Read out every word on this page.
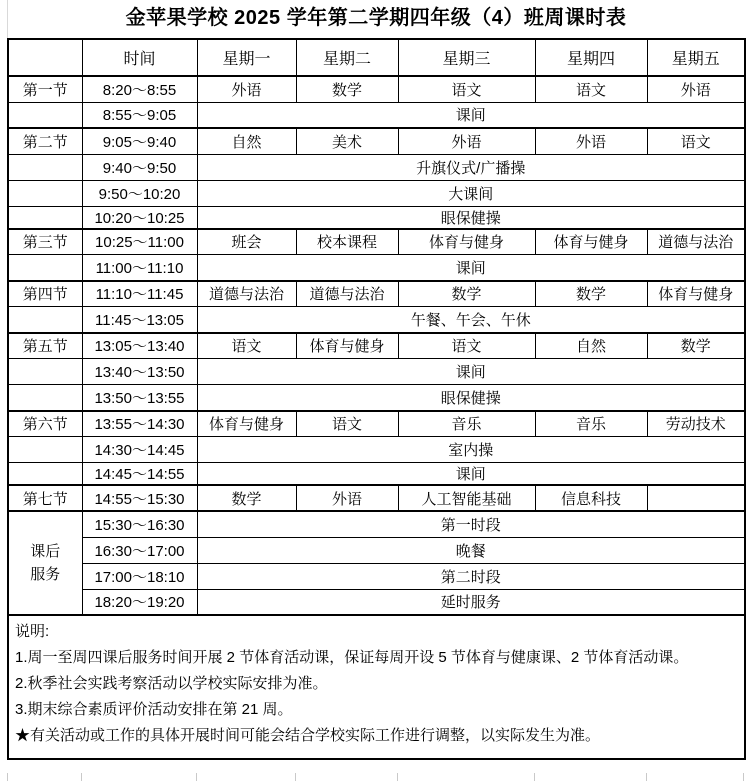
金苹果学校 2025 学年第二学期四年级（4）班周课时表
	时间	星期一	星期二	星期三	星期四	星期五
第一节	8:20～8:55	外语	数学	语文	语文	外语
	8:55～9:05	课间				
第二节	9:05～9:40	自然	美术	外语	外语	语文
	9:40～9:50	升旗仪式/广播操				
	9:50～10:20	大课间				
	10:20～10:25	眼保健操				
第三节	10:25～11:00	班会	校本课程	体育与健身	体育与健身	道德与法治
	11:00～11:10	课间				
第四节	11:10～11:45	道德与法治	道德与法治	数学	数学	体育与健身
	11:45～13:05	午餐、午会、午休				
第五节	13:05～13:40	语文	体育与健身	语文	自然	数学
	13:40～13:50	课间				
	13:50～13:55	眼保健操				
第六节	13:55～14:30	体育与健身	语文	音乐	音乐	劳动技术
	14:30～14:45	室内操				
	14:45～14:55	课间				
第七节	14:55～15:30	数学	外语	人工智能基础	信息科技	

课后
服务	15:30～16:30	第一时段				
	16:30～17:00	晚餐				
	17:00～18:10	第二时段				
	18:20～19:20	延时服务				

说明:
1.周一至周四课后服务时间开展 2 节体育活动课，保证每周开设 5 节体育与健康课、2 节体育活动课。
2.秋季社会实践考察活动以学校实际安排为准。
3.期末综合素质评价活动安排在第 21 周。
★有关活动或工作的具体开展时间可能会结合学校实际工作进行调整，以实际发生为准。						
